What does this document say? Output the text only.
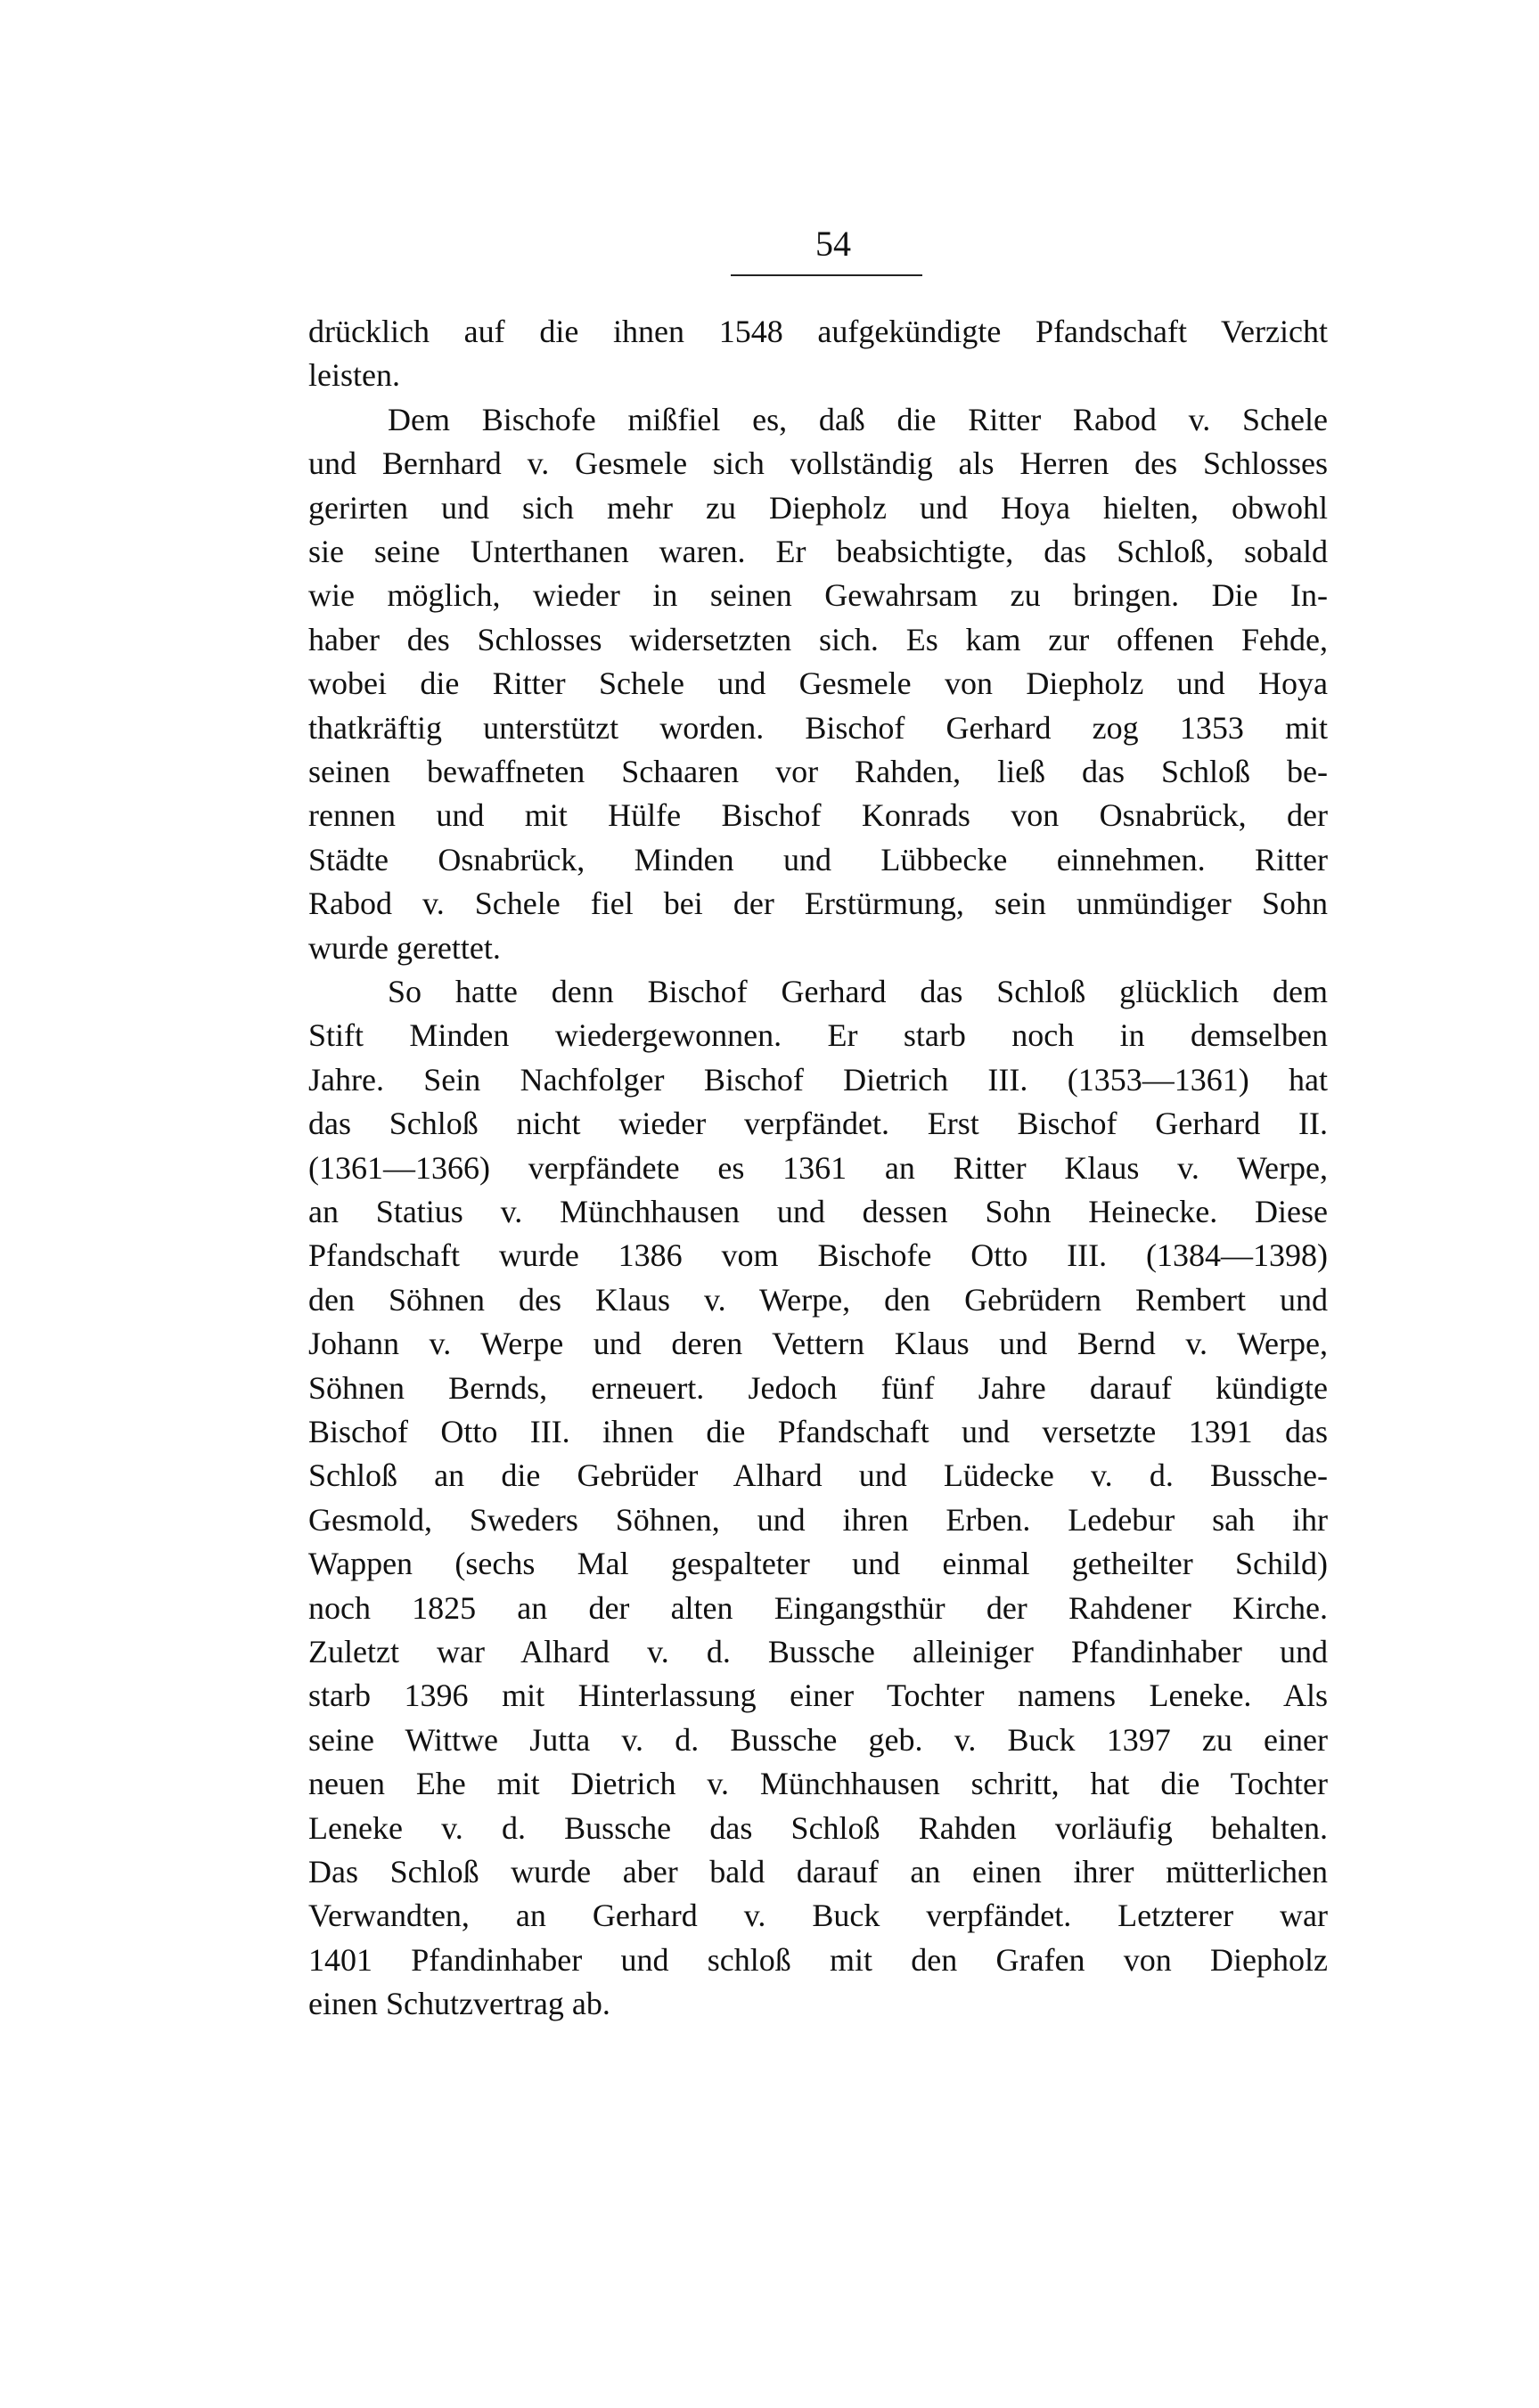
54
drücklich auf die ihnen 1548 aufgekündigte Pfandschaft Verzicht
leisten.
Dem Bischofe mißfiel es, daß die Ritter Rabod v. Schele
und Bernhard v. Gesmele sich vollständig als Herren des Schlosses
gerirten und sich mehr zu Diepholz und Hoya hielten, obwohl
sie seine Unterthanen waren. Er beabsichtigte, das Schloß, sobald
wie möglich, wieder in seinen Gewahrsam zu bringen. Die In-
haber des Schlosses widersetzten sich. Es kam zur offenen Fehde,
wobei die Ritter Schele und Gesmele von Diepholz und Hoya
thatkräftig unterstützt worden. Bischof Gerhard zog 1353 mit
seinen bewaffneten Schaaren vor Rahden, ließ das Schloß be-
rennen und mit Hülfe Bischof Konrads von Osnabrück, der
Städte Osnabrück, Minden und Lübbecke einnehmen. Ritter
Rabod v. Schele fiel bei der Erstürmung, sein unmündiger Sohn
wurde gerettet.
So hatte denn Bischof Gerhard das Schloß glücklich dem
Stift Minden wiedergewonnen. Er starb noch in demselben
Jahre. Sein Nachfolger Bischof Dietrich III. (1353—1361) hat
das Schloß nicht wieder verpfändet. Erst Bischof Gerhard II.
(1361—1366) verpfändete es 1361 an Ritter Klaus v. Werpe,
an Statius v. Münchhausen und dessen Sohn Heinecke. Diese
Pfandschaft wurde 1386 vom Bischofe Otto III. (1384—1398)
den Söhnen des Klaus v. Werpe, den Gebrüdern Rembert und
Johann v. Werpe und deren Vettern Klaus und Bernd v. Werpe,
Söhnen Bernds, erneuert. Jedoch fünf Jahre darauf kündigte
Bischof Otto III. ihnen die Pfandschaft und versetzte 1391 das
Schloß an die Gebrüder Alhard und Lüdecke v. d. Bussche-
Gesmold, Sweders Söhnen, und ihren Erben. Ledebur sah ihr
Wappen (sechs Mal gespalteter und einmal getheilter Schild)
noch 1825 an der alten Eingangsthür der Rahdener Kirche.
Zuletzt war Alhard v. d. Bussche alleiniger Pfandinhaber und
starb 1396 mit Hinterlassung einer Tochter namens Leneke. Als
seine Wittwe Jutta v. d. Bussche geb. v. Buck 1397 zu einer
neuen Ehe mit Dietrich v. Münchhausen schritt, hat die Tochter
Leneke v. d. Bussche das Schloß Rahden vorläufig behalten.
Das Schloß wurde aber bald darauf an einen ihrer mütterlichen
Verwandten, an Gerhard v. Buck verpfändet. Letzterer war
1401 Pfandinhaber und schloß mit den Grafen von Diepholz
einen Schutzvertrag ab.
